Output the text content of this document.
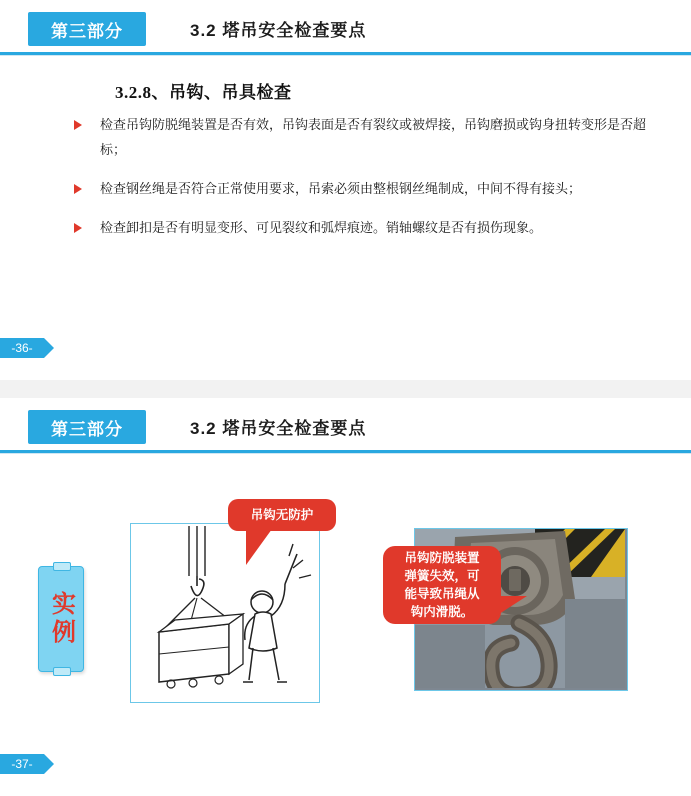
第三部分	3.2 塔吊安全检查要点
3.2.8、吊钩、吊具检查
检查吊钩防脱绳装置是否有效，吊钩表面是否有裂纹或被焊接，吊钩磨损或钩身扭转变形是否超标；
检查钢丝绳是否符合正常使用要求，吊索必须由整根钢丝绳制成，中间不得有接头；
检查卸扣是否有明显变形、可见裂纹和弧焊痕迹。销轴螺纹是否有损伤现象。
-36-
第三部分	3.2 塔吊安全检查要点
实例
吊钩无防护
吊钩防脱装置
弹簧失效，可
能导致吊绳从
钩内滑脱。
-37-
